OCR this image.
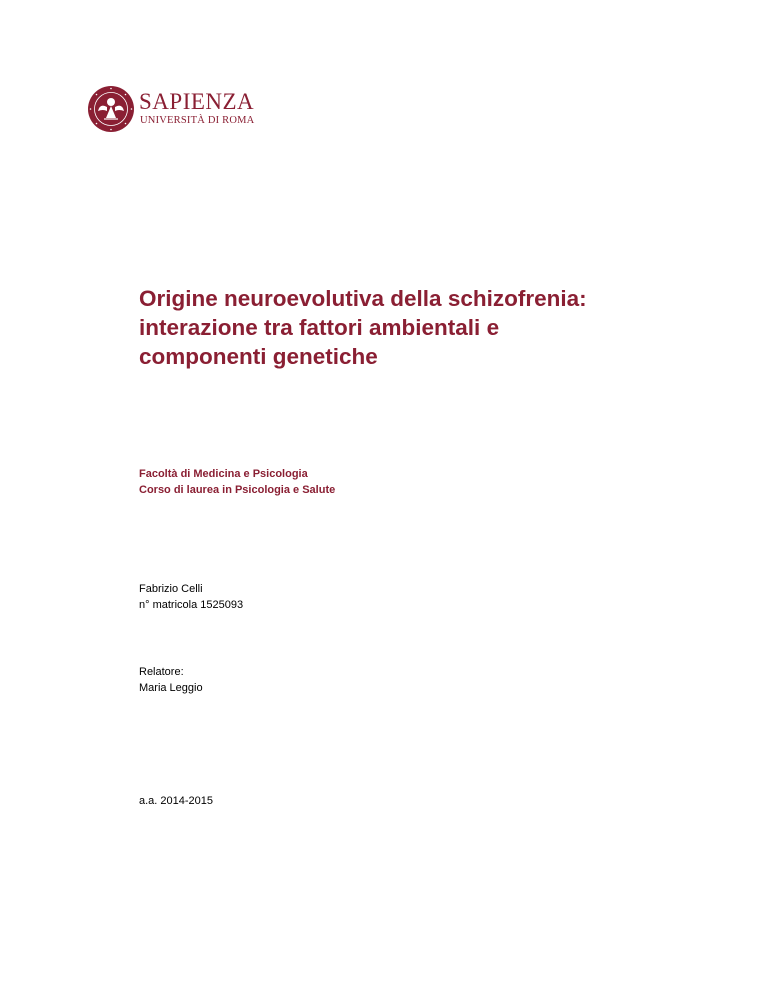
SAPIENZA
UNIVERSITÀ DI ROMA
Origine neuroevolutiva della schizofrenia:
interazione tra fattori ambientali e
componenti genetiche
Facoltà di Medicina e Psicologia
Corso di laurea in Psicologia e Salute
Fabrizio Celli
n° matricola 1525093
Relatore:
Maria Leggio
a.a. 2014-2015
